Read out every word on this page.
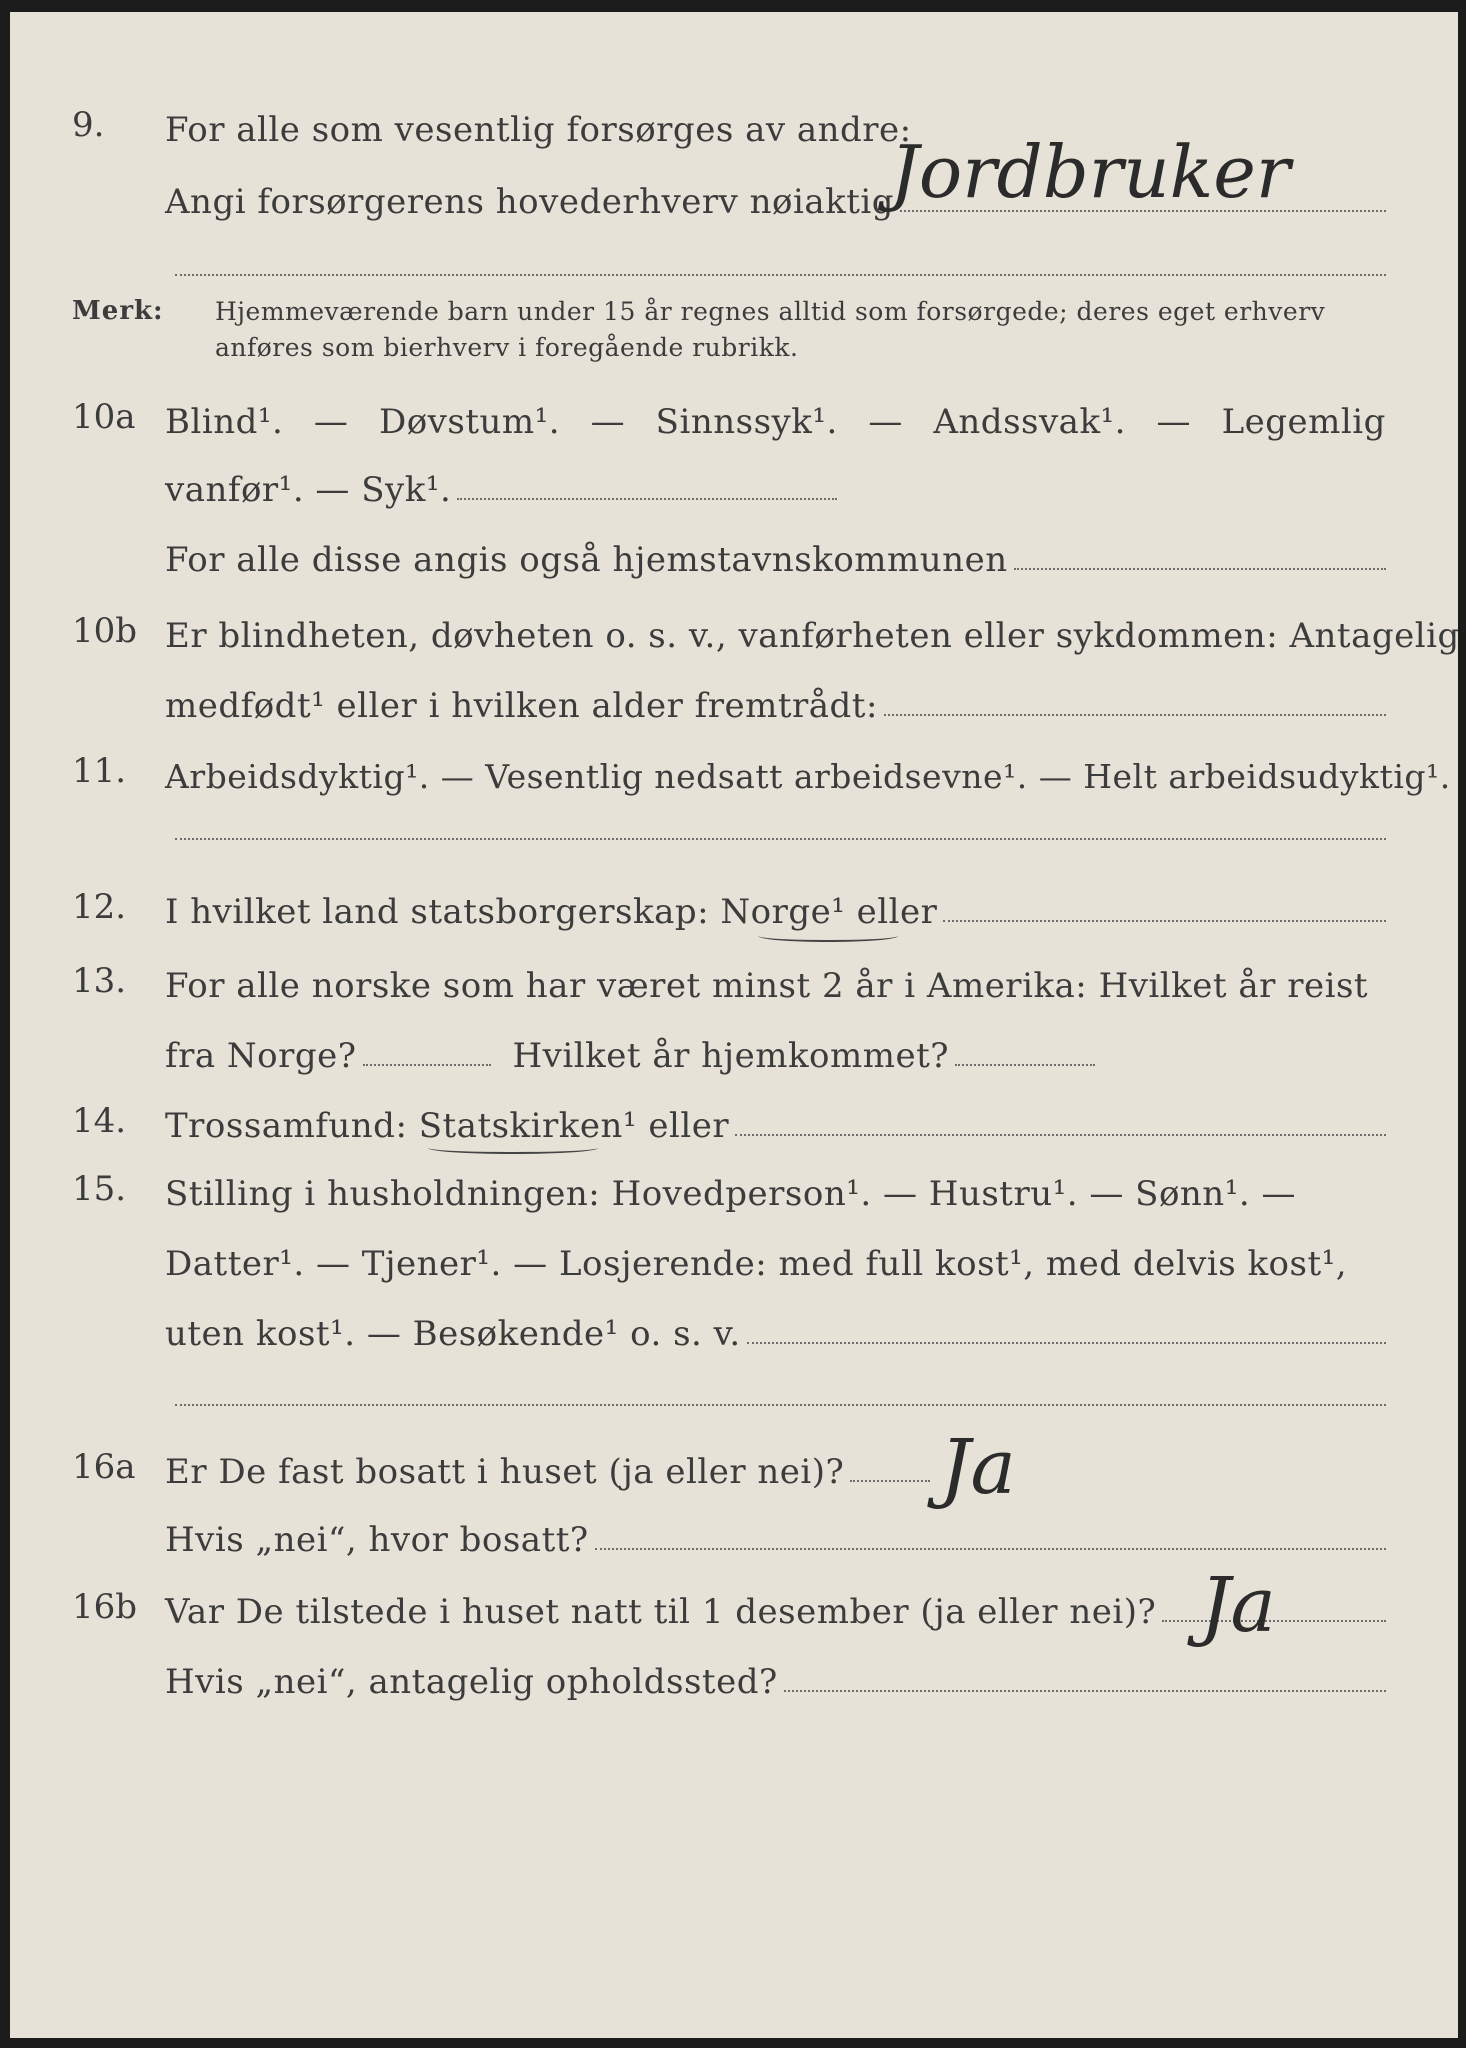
9. For alle som vesentlig forsørges av andre:
Angi forsørgerens hovederhverv nøiaktig
Jordbruker
Merk: Hjemmeværende barn under 15 år regnes alltid som forsørgede; deres eget erhverv anføres som bierhverv i foregående rubrikk.
10a Blind¹. — Døvstum¹. — Sinnssyk¹. — Andssvak¹. — Legemlig
vanfør¹. — Syk¹.
For alle disse angis også hjemstavnskommunen
10b Er blindheten, døvheten o. s. v., vanførheten eller sykdommen: Antagelig
medfødt¹ eller i hvilken alder fremtrådt:
11. Arbeidsdyktig¹. — Vesentlig nedsatt arbeidsevne¹. — Helt arbeidsudyktig¹.
12. I hvilket land statsborgerskap: Norge¹ eller
13. For alle norske som har været minst 2 år i Amerika: Hvilket år reist
fra Norge?	Hvilket år hjemkommet?
14. Trossamfund: Statskirken¹ eller
15. Stilling i husholdningen: Hovedperson¹. — Hustru¹. — Sønn¹. —
Datter¹. — Tjener¹. — Losjerende: med full kost¹, med delvis kost¹,
uten kost¹. — Besøkende¹ o. s. v.
16a Er De fast bosatt i huset (ja eller nei)? Ja
Hvis „nei“, hvor bosatt?
16b Var De tilstede i huset natt til 1 desember (ja eller nei)? Ja
Hvis „nei“, antagelig opholdssted?
